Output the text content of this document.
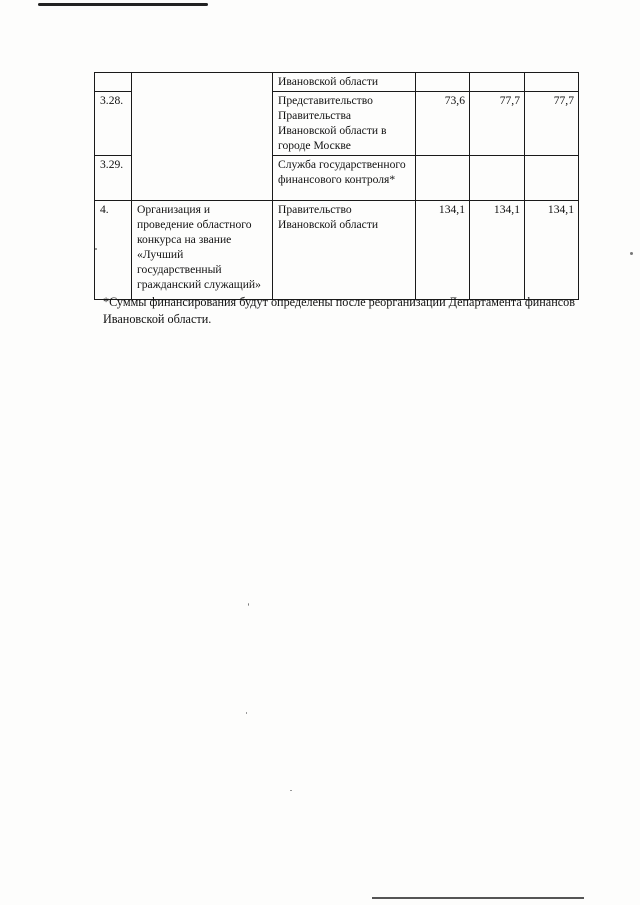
		Ивановской области			
3.28.		Представительство Правительства Ивановской области в городе Москве	73,6	77,7	77,7
3.29.		Служба государственного финансового контроля*			
4.	Организация и проведение областного конкурса на звание «Лучший государственный гражданский служащий»	Правительство Ивановской области	134,1	134,1	134,1
*Суммы финансирования будут определены после реорганизации Департамента финансов Ивановской области.
